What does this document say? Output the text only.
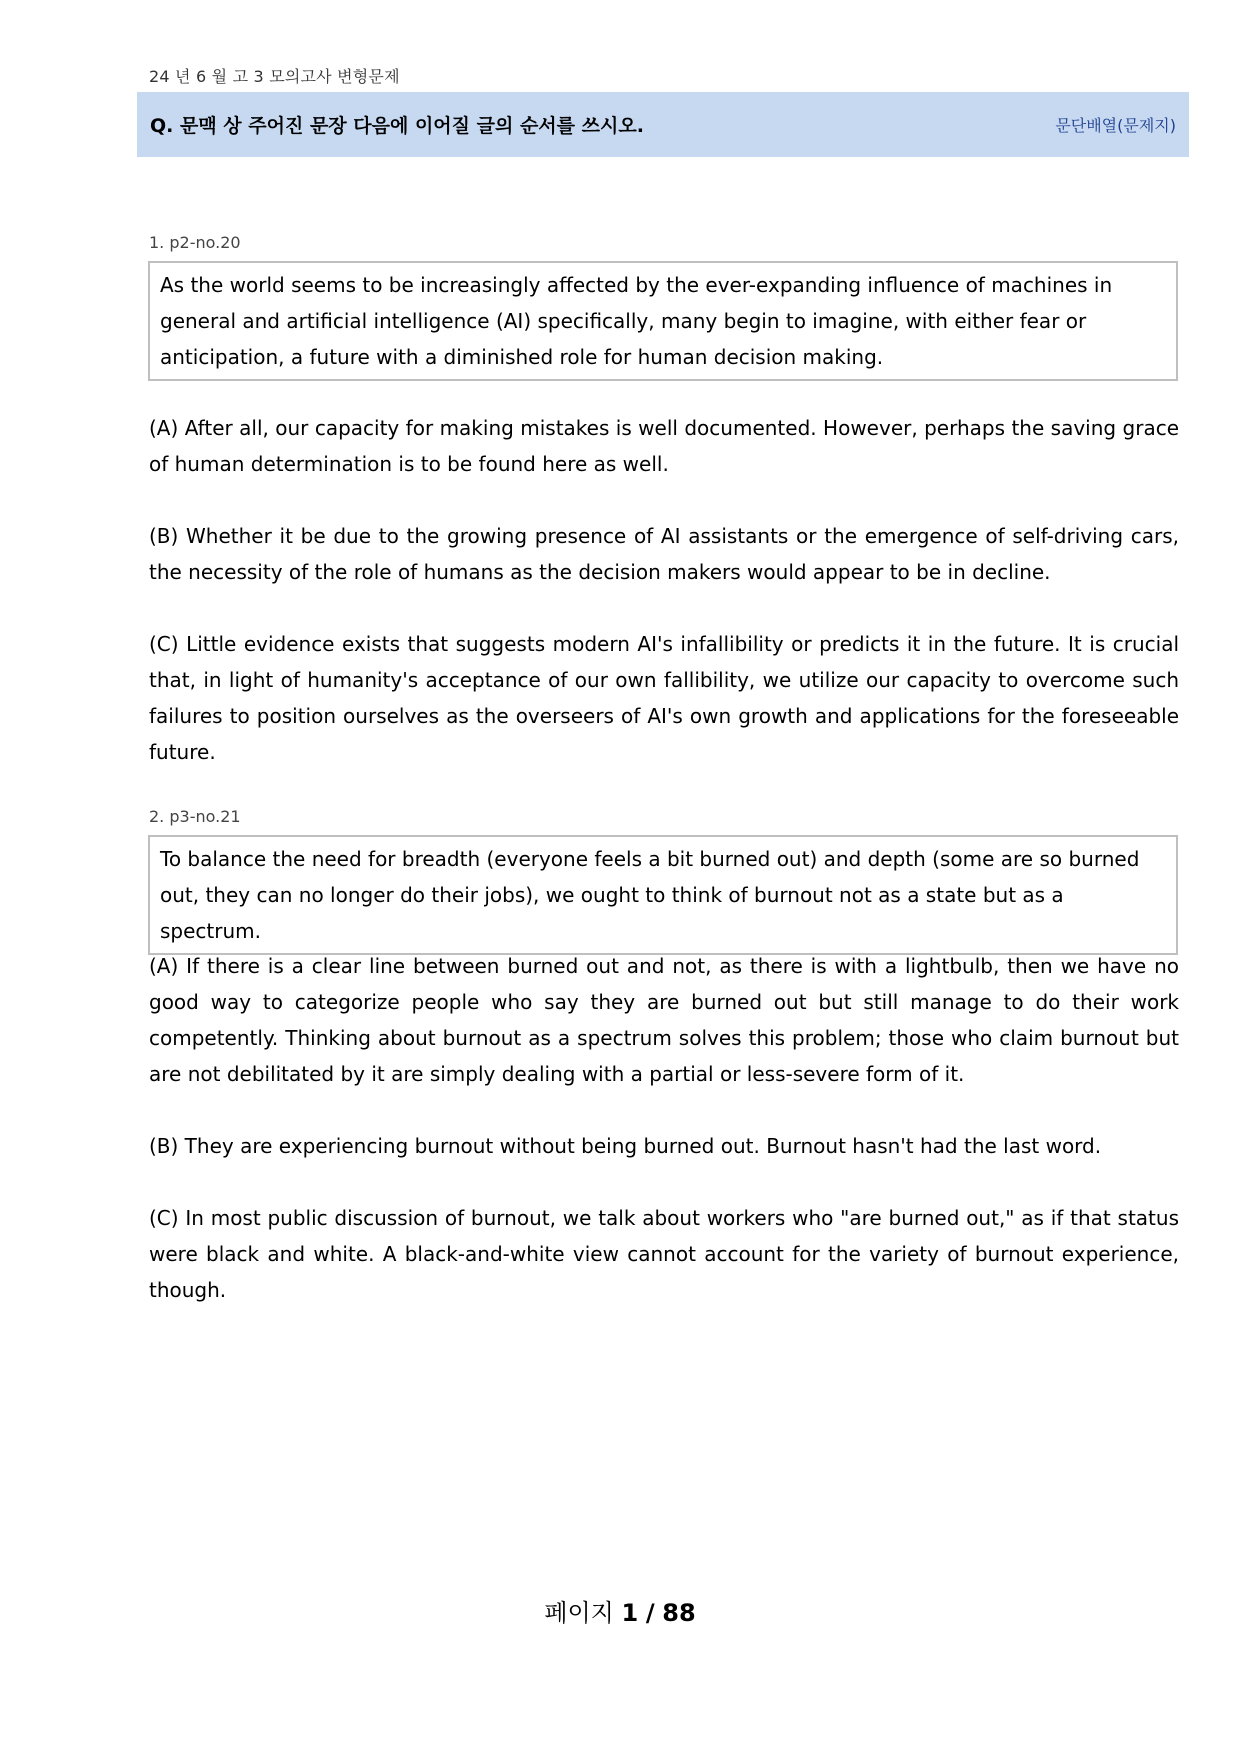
24 년 6 월 고 3 모의고사 변형문제
Q. 문맥 상 주어진 문장 다음에 이어질 글의 순서를 쓰시오.	문단배열(문제지)
1. p2-no.20
As the world seems to be increasingly affected by the ever-expanding influence of machines in general and artificial intelligence (AI) specifically, many begin to imagine, with either fear or anticipation, a future with a diminished role for human decision making.
(A) After all, our capacity for making mistakes is well documented. However, perhaps the saving grace of human determination is to be found here as well.
(B) Whether it be due to the growing presence of AI assistants or the emergence of self-driving cars, the necessity of the role of humans as the decision makers would appear to be in decline.
(C) Little evidence exists that suggests modern AI's infallibility or predicts it in the future. It is crucial that, in light of humanity's acceptance of our own fallibility, we utilize our capacity to overcome such failures to position ourselves as the overseers of AI's own growth and applications for the foreseeable future.
2. p3-no.21
To balance the need for breadth (everyone feels a bit burned out) and depth (some are so burned out, they can no longer do their jobs), we ought to think of burnout not as a state but as a spectrum.
(A) If there is a clear line between burned out and not, as there is with a lightbulb, then we have no good way to categorize people who say they are burned out but still manage to do their work competently. Thinking about burnout as a spectrum solves this problem; those who claim burnout but are not debilitated by it are simply dealing with a partial or less-severe form of it.
(B) They are experiencing burnout without being burned out. Burnout hasn't had the last word.
(C) In most public discussion of burnout, we talk about workers who "are burned out," as if that status were black and white. A black-and-white view cannot account for the variety of burnout experience, though.
페이지 1 / 88
